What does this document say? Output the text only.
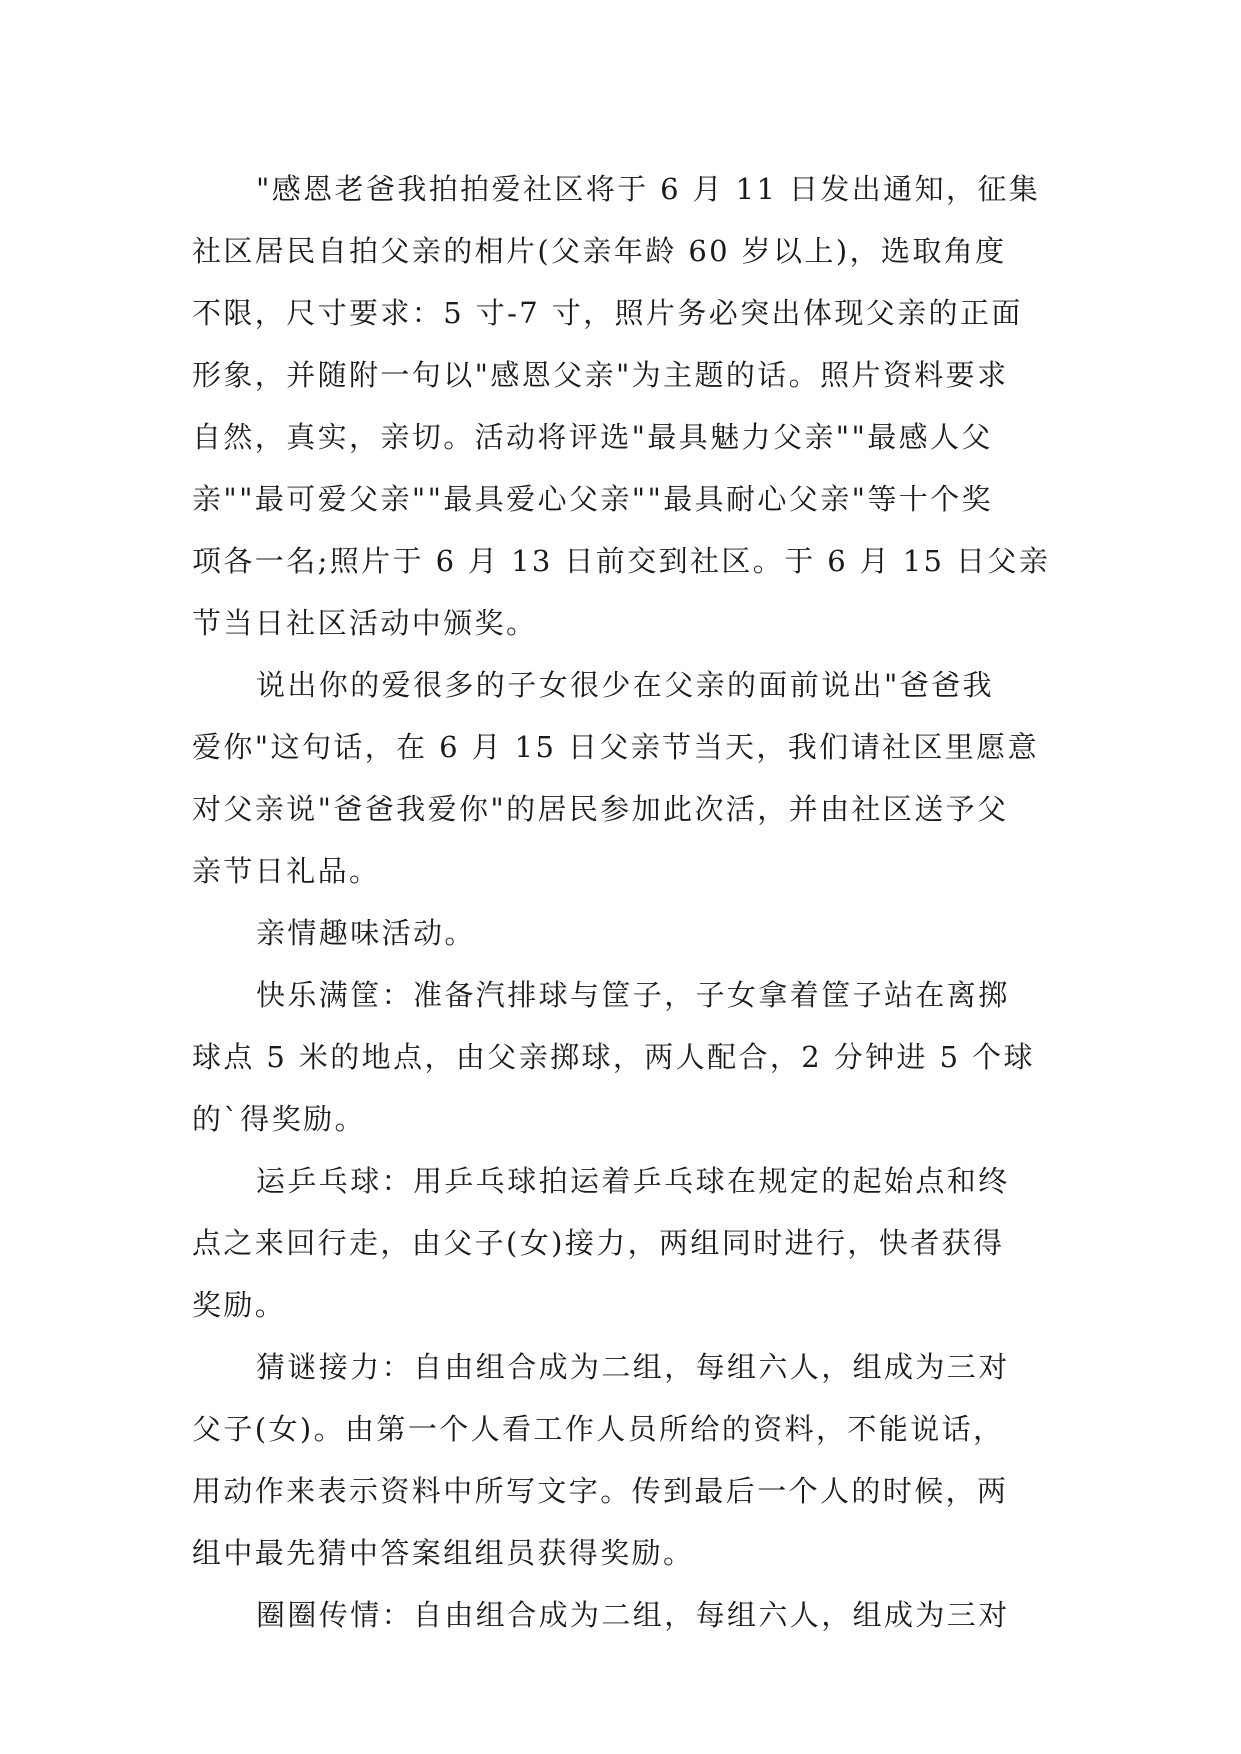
"感恩老爸我拍拍爱社区将于 6 月 11 日发出通知，征集
社区居民自拍父亲的相片(父亲年龄 60 岁以上)，选取角度
不限，尺寸要求：5 寸-7 寸，照片务必突出体现父亲的正面
形象，并随附一句以"感恩父亲"为主题的话。照片资料要求
自然，真实，亲切。活动将评选"最具魅力父亲""最感人父
亲""最可爱父亲""最具爱心父亲""最具耐心父亲"等十个奖
项各一名;照片于 6 月 13 日前交到社区。于 6 月 15 日父亲
节当日社区活动中颁奖。
说出你的爱很多的子女很少在父亲的面前说出"爸爸我
爱你"这句话，在 6 月 15 日父亲节当天，我们请社区里愿意
对父亲说"爸爸我爱你"的居民参加此次活，并由社区送予父
亲节日礼品。
亲情趣味活动。
快乐满筐：准备汽排球与筐子，子女拿着筐子站在离掷
球点 5 米的地点，由父亲掷球，两人配合，2 分钟进 5 个球
的`得奖励。
运乒乓球：用乒乓球拍运着乒乓球在规定的起始点和终
点之来回行走，由父子(女)接力，两组同时进行，快者获得
奖励。
猜谜接力：自由组合成为二组，每组六人，组成为三对
父子(女)。由第一个人看工作人员所给的资料，不能说话，
用动作来表示资料中所写文字。传到最后一个人的时候，两
组中最先猜中答案组组员获得奖励。
圈圈传情：自由组合成为二组，每组六人，组成为三对
